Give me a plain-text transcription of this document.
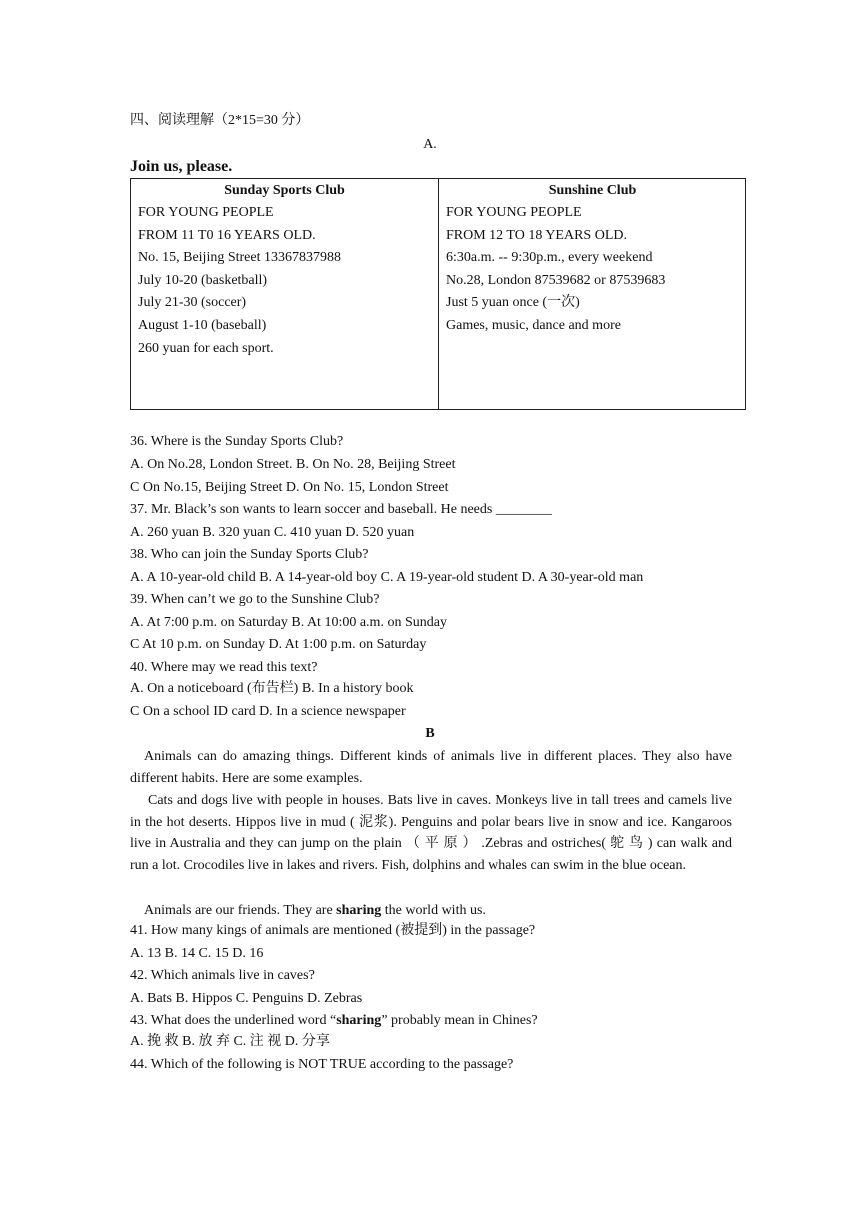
四、阅读理解（2*15=30 分）
A.
Join us, please.
Sunday Sports Club
FOR YOUNG PEOPLE
FROM 11 T0 16 YEARS OLD.
No. 15, Beijing Street 13367837988
July 10-20 (basketball)
July 21-30 (soccer)
August 1-10 (baseball)
260 yuan for each sport.
Sunshine Club
FOR YOUNG PEOPLE
FROM 12 TO 18 YEARS OLD.
6:30a.m. -- 9:30p.m., every weekend
No.28, London 87539682 or 87539683
Just 5 yuan once (一次)
Games, music, dance and more
36. Where is the Sunday Sports Club?
A. On No.28, London Street. B. On No. 28, Beijing Street
C On No.15, Beijing Street D. On No. 15, London Street
37. Mr. Black’s son wants to learn soccer and baseball. He needs ________
A. 260 yuan B. 320 yuan C. 410 yuan D. 520 yuan
38. Who can join the Sunday Sports Club?
A. A 10-year-old child B. A 14-year-old boy C. A 19-year-old student D. A 30-year-old man
39. When can’t we go to the Sunshine Club?
A. At 7:00 p.m. on Saturday B. At 10:00 a.m. on Sunday
C At 10 p.m. on Sunday D. At 1:00 p.m. on Saturday
40. Where may we read this text?
A. On a noticeboard (布告栏) B. In a history book
C On a school ID card D. In a science newspaper
B
Animals can do amazing things. Different kinds of animals live in different places. They also have different habits. Here are some examples.
Cats and dogs live with people in houses. Bats live in caves. Monkeys live in tall trees and camels live in the hot deserts. Hippos live in mud ( 泥浆). Penguins and polar bears live in snow and ice. Kangaroos live in Australia and they can jump on the plain （ 平 原 ） .Zebras and ostriches( 鸵 鸟 ) can walk and run a lot. Crocodiles live in lakes and rivers. Fish, dolphins and whales can swim in the blue ocean.
Animals are our friends. They are sharing the world with us.
41. How many kings of animals are mentioned (被提到) in the passage?
A. 13 B. 14 C. 15 D. 16
42. Which animals live in caves?
A. Bats B. Hippos C. Penguins D. Zebras
43. What does the underlined word “sharing” probably mean in Chines?
A. 挽 救 B. 放 弃 C. 注 视 D. 分享
44. Which of the following is NOT TRUE according to the passage?
